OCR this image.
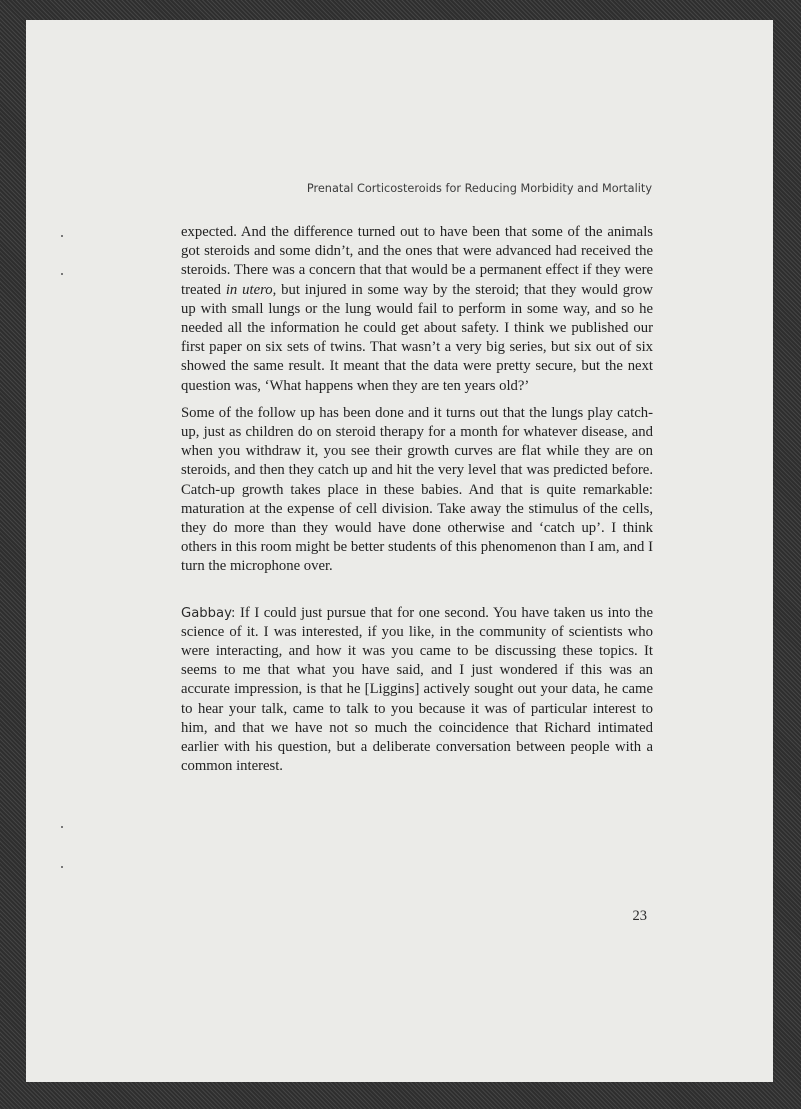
Prenatal Corticosteroids for Reducing Morbidity and Mortality

expected. And the difference turned out to have been that some of the animals got steroids and some didn’t, and the ones that were advanced had received the steroids. There was a concern that that would be a permanent effect if they were treated in utero, but injured in some way by the steroid; that they would grow up with small lungs or the lung would fail to perform in some way, and so he needed all the information he could get about safety. I think we published our first paper on six sets of twins. That wasn’t a very big series, but six out of six showed the same result. It meant that the data were pretty secure, but the next question was, ‘What happens when they are ten years old?’

Some of the follow up has been done and it turns out that the lungs play catch-up, just as children do on steroid therapy for a month for whatever disease, and when you withdraw it, you see their growth curves are flat while they are on steroids, and then they catch up and hit the very level that was predicted before. Catch-up growth takes place in these babies. And that is quite remarkable: maturation at the expense of cell division. Take away the stimulus of the cells, they do more than they would have done otherwise and ‘catch up’. I think others in this room might be better students of this phenomenon than I am, and I turn the microphone over.

Gabbay: If I could just pursue that for one second. You have taken us into the science of it. I was interested, if you like, in the community of scientists who were interacting, and how it was you came to be discussing these topics. It seems to me that what you have said, and I just wondered if this was an accurate impression, is that he [Liggins] actively sought out your data, he came to hear your talk, came to talk to you because it was of particular interest to him, and that we have not so much the coincidence that Richard intimated earlier with his question, but a deliberate conversation between people with a common interest.

23
